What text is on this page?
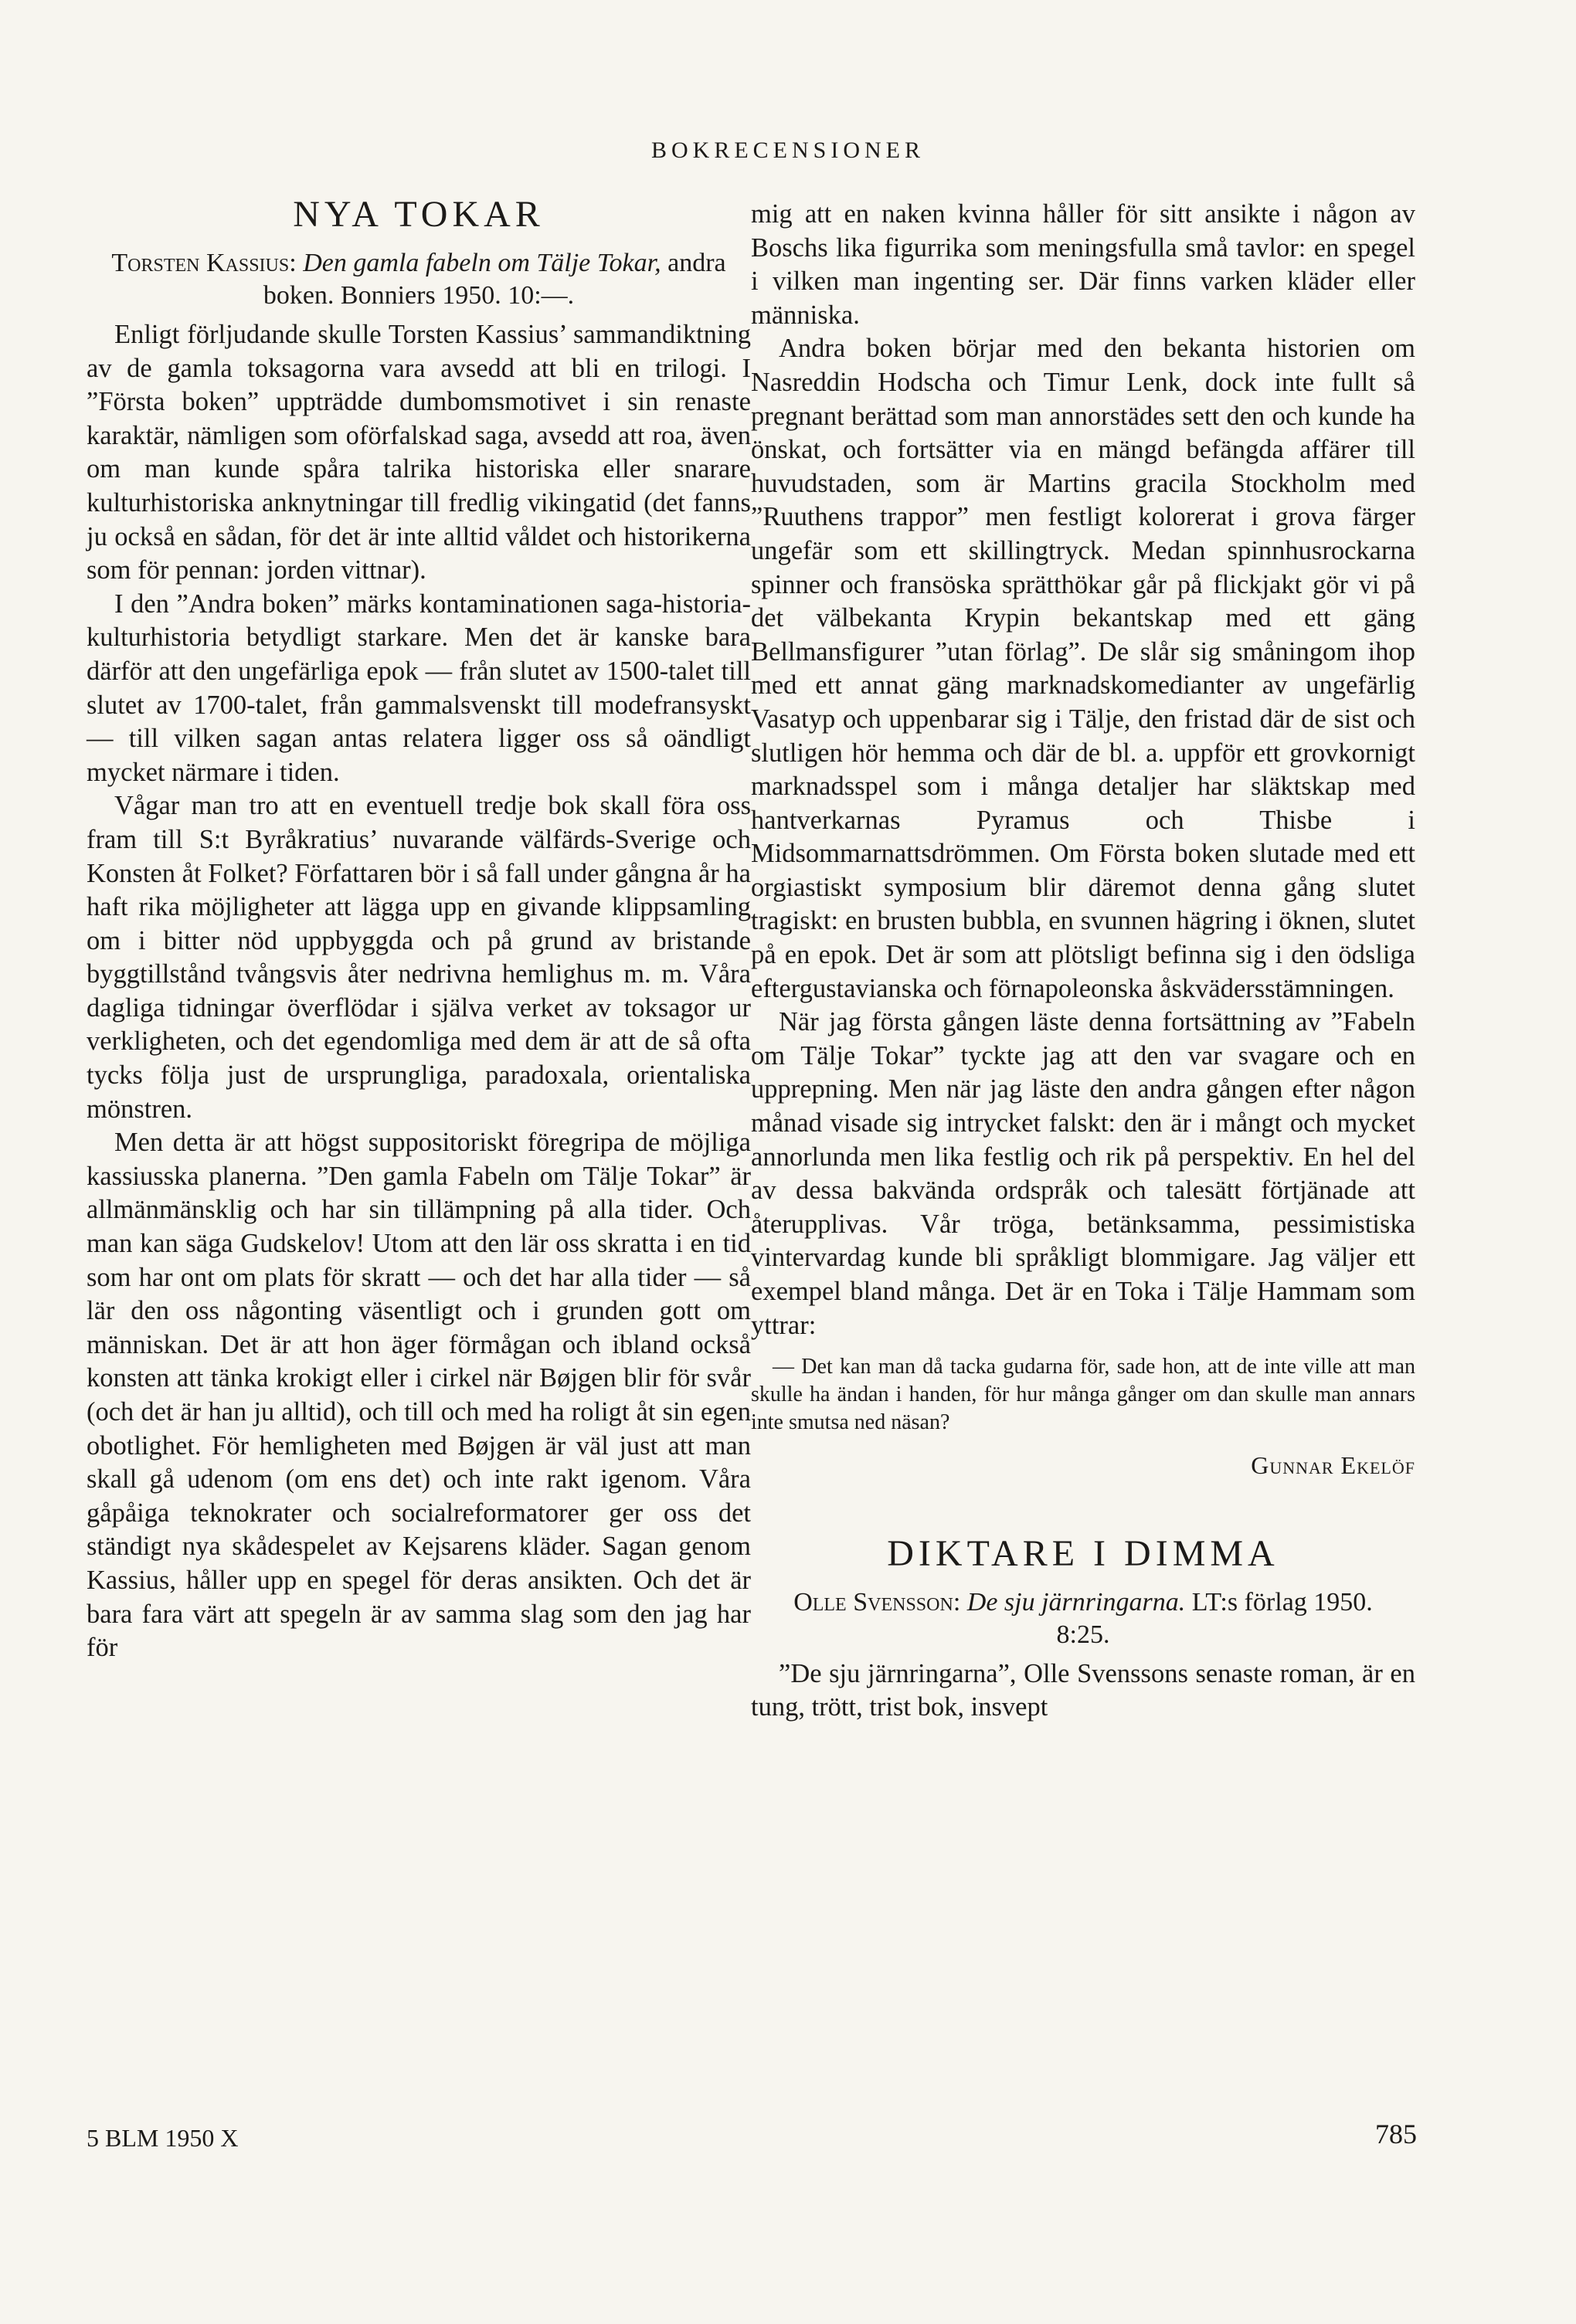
BOKRECENSIONER
NYA TOKAR
Torsten Kassius: Den gamla fabeln om Tälje Tokar, andra boken. Bonniers 1950. 10:—.

Enligt förljudande skulle Torsten Kassius’ sammandiktning av de gamla toksagorna vara avsedd att bli en trilogi. I ”Första boken” uppträdde dumbomsmotivet i sin renaste karaktär, nämligen som oförfalskad saga, avsedd att roa, även om man kunde spåra talrika historiska eller snarare kulturhistoriska anknytningar till fredlig vikingatid (det fanns ju också en sådan, för det är inte alltid våldet och historikerna som för pennan: jorden vittnar).

I den ”Andra boken” märks kontaminationen saga-historia-kulturhistoria betydligt starkare. Men det är kanske bara därför att den ungefärliga epok — från slutet av 1500-talet till slutet av 1700-talet, från gammalsvenskt till modefransyskt — till vilken sagan antas relatera ligger oss så oändligt mycket närmare i tiden.

Vågar man tro att en eventuell tredje bok skall föra oss fram till S:t Byråkratius’ nuvarande välfärds-Sverige och Konsten åt Folket? Författaren bör i så fall under gångna år ha haft rika möjligheter att lägga upp en givande klippsamling om i bitter nöd uppbyggda och på grund av bristande byggtillstånd tvångsvis åter nedrivna hemlighus m. m. Våra dagliga tidningar överflödar i själva verket av toksagor ur verkligheten, och det egendomliga med dem är att de så ofta tycks följa just de ursprungliga, paradoxala, orientaliska mönstren.

Men detta är att högst suppositoriskt föregripa de möjliga kassiusska planerna. ”Den gamla Fabeln om Tälje Tokar” är allmänmänsklig och har sin tillämpning på alla tider. Och man kan säga Gudskelov! Utom att den lär oss skratta i en tid som har ont om plats för skratt — och det har alla tider — så lär den oss någonting väsentligt och i grunden gott om människan. Det är att hon äger förmågan och ibland också konsten att tänka krokigt eller i cirkel när Bøjgen blir för svår (och det är han ju alltid), och till och med ha roligt åt sin egen obotlighet. För hemligheten med Bøjgen är väl just att man skall gå udenom (om ens det) och inte rakt igenom. Våra gåpåiga teknokrater och socialreformatorer ger oss det ständigt nya skådespelet av Kejsarens kläder. Sagan genom Kassius, håller upp en spegel för deras ansikten. Och det är bara fara värt att spegeln är av samma slag som den jag har för

mig att en naken kvinna håller för sitt ansikte i någon av Boschs lika figurrika som meningsfulla små tavlor: en spegel i vilken man ingenting ser. Där finns varken kläder eller människa.

Andra boken börjar med den bekanta historien om Nasreddin Hodscha och Timur Lenk, dock inte fullt så pregnant berättad som man annorstädes sett den och kunde ha önskat, och fortsätter via en mängd befängda affärer till huvudstaden, som är Martins gracila Stockholm med ”Ruuthens trappor” men festligt kolorerat i grova färger ungefär som ett skillingtryck. Medan spinnhusrockarna spinner och fransöska sprätthökar går på flickjakt gör vi på det välbekanta Krypin bekantskap med ett gäng Bellmansfigurer ”utan förlag”. De slår sig småningom ihop med ett annat gäng marknadskomedianter av ungefärlig Vasatyp och uppenbarar sig i Tälje, den fristad där de sist och slutligen hör hemma och där de bl. a. uppför ett grovkornigt marknadsspel som i många detaljer har släktskap med hantverkarnas Pyramus och Thisbe i Midsommarnattsdrömmen. Om Första boken slutade med ett orgiastiskt symposium blir däremot denna gång slutet tragiskt: en brusten bubbla, en svunnen hägring i öknen, slutet på en epok. Det är som att plötsligt befinna sig i den ödsliga eftergustavianska och förnapoleonska åskvädersstämningen.

När jag första gången läste denna fortsättning av ”Fabeln om Tälje Tokar” tyckte jag att den var svagare och en upprepning. Men när jag läste den andra gången efter någon månad visade sig intrycket falskt: den är i mångt och mycket annorlunda men lika festlig och rik på perspektiv. En hel del av dessa bakvända ordspråk och talesätt förtjänade att återupplivas. Vår tröga, betänksamma, pessimistiska vintervardag kunde bli språkligt blommigare. Jag väljer ett exempel bland många. Det är en Toka i Tälje Hammam som yttrar:

— Det kan man då tacka gudarna för, sade hon, att de inte ville att man skulle ha ändan i handen, för hur många gånger om dan skulle man annars inte smutsa ned näsan?

Gunnar Ekelöf
DIKTARE I DIMMA
Olle Svensson: De sju järnringarna. LT:s förlag 1950. 8:25.

”De sju järnringarna”, Olle Svenssons senaste roman, är en tung, trött, trist bok, insvept

5 BLM 1950 X	785
